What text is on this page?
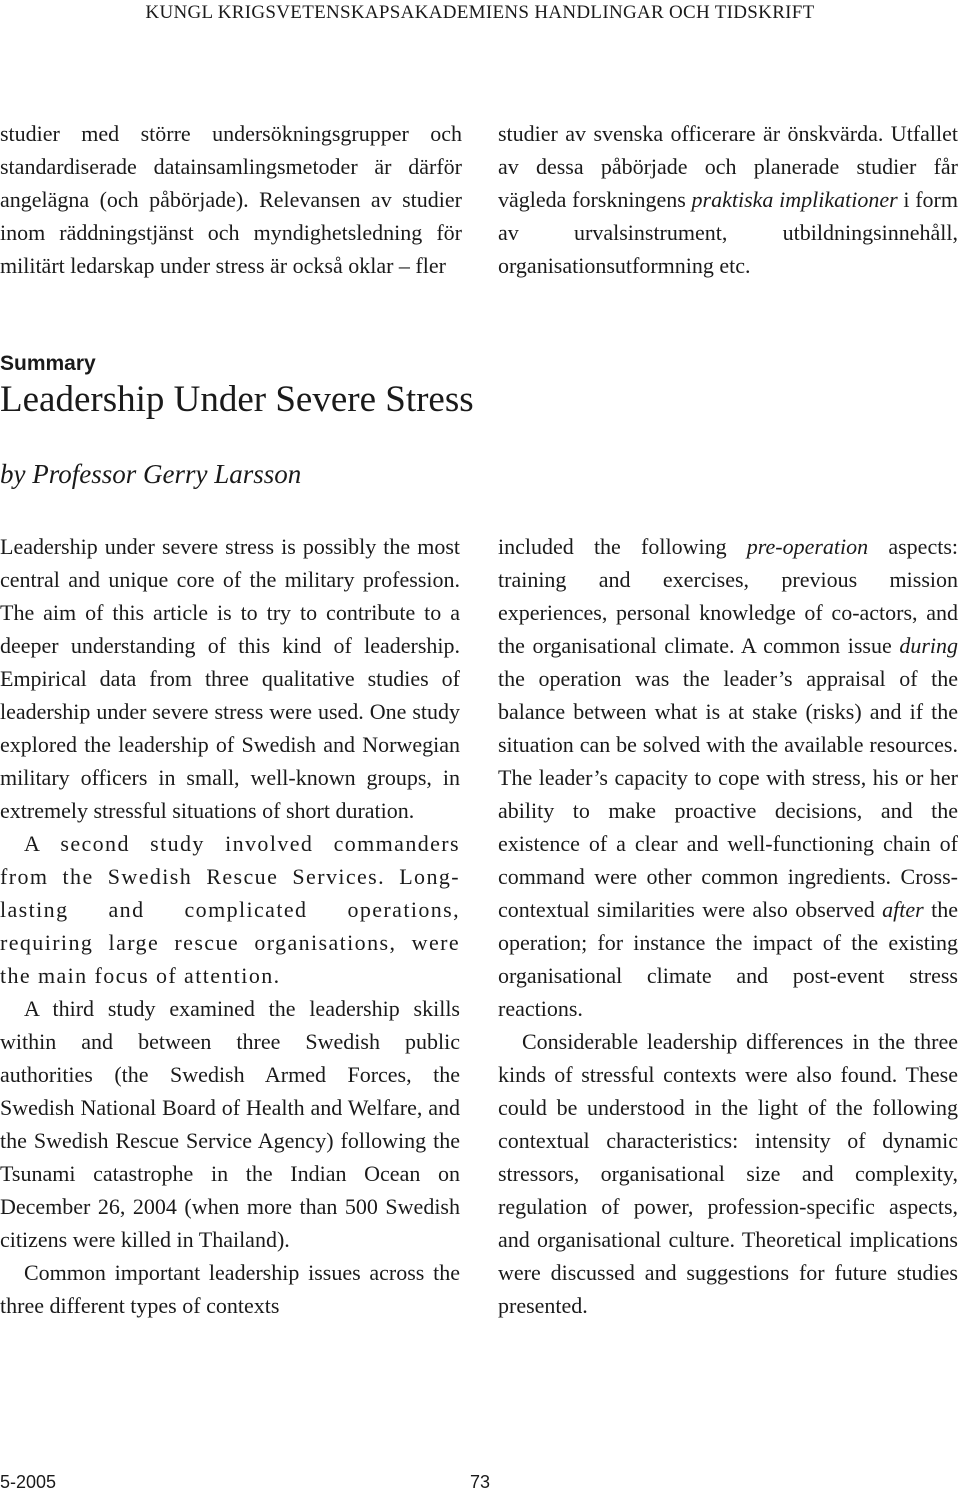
KUNGL KRIGSVETENSKAPSAKADEMIENS HANDLINGAR OCH TIDSKRIFT

studier med större undersökningsgrupper och standardiserade datainsamlingsmetoder är därför angelägna (och påbörjade). Relevansen av studier inom räddningstjänst och myndighetsledning för militärt ledarskap under stress är också oklar – fler

studier av svenska officerare är önskvärda. Utfallet av dessa påbörjade och planerade studier får vägleda forskningens praktiska implikationer i form av urvalsinstrument, utbildningsinnehåll, organisationsutformning etc.

Summary
Leadership Under Severe Stress
by Professor Gerry Larsson

Leadership under severe stress is possibly the most central and unique core of the military profession. The aim of this article is to try to contribute to a deeper understanding of this kind of leadership. Empirical data from three qualitative studies of leadership under severe stress were used. One study explored the leadership of Swedish and Norwegian military officers in small, well-known groups, in extremely stressful situations of short duration.

A second study involved commanders from the Swedish Rescue Services. Long-lasting and complicated operations, requiring large rescue organisations, were the main focus of attention.

A third study examined the leadership skills within and between three Swedish public authorities (the Swedish Armed Forces, the Swedish National Board of Health and Welfare, and the Swedish Rescue Service Agency) following the Tsunami catastrophe in the Indian Ocean on December 26, 2004 (when more than 500 Swedish citizens were killed in Thailand).

Common important leadership issues across the three different types of contexts

included the following pre-operation aspects: training and exercises, previous mission experiences, personal knowledge of co-actors, and the organisational climate. A common issue during the operation was the leader’s appraisal of the balance between what is at stake (risks) and if the situation can be solved with the available resources. The leader’s capacity to cope with stress, his or her ability to make proactive decisions, and the existence of a clear and well-functioning chain of command were other common ingredients. Cross-contextual similarities were also observed after the operation; for instance the impact of the existing organisational climate and post-event stress reactions.

Considerable leadership differences in the three kinds of stressful contexts were also found. These could be understood in the light of the following contextual characteristics: intensity of dynamic stressors, organisational size and complexity, regulation of power, profession-specific aspects, and organisational culture. Theoretical implications were discussed and suggestions for future studies presented.

5-2005	73
